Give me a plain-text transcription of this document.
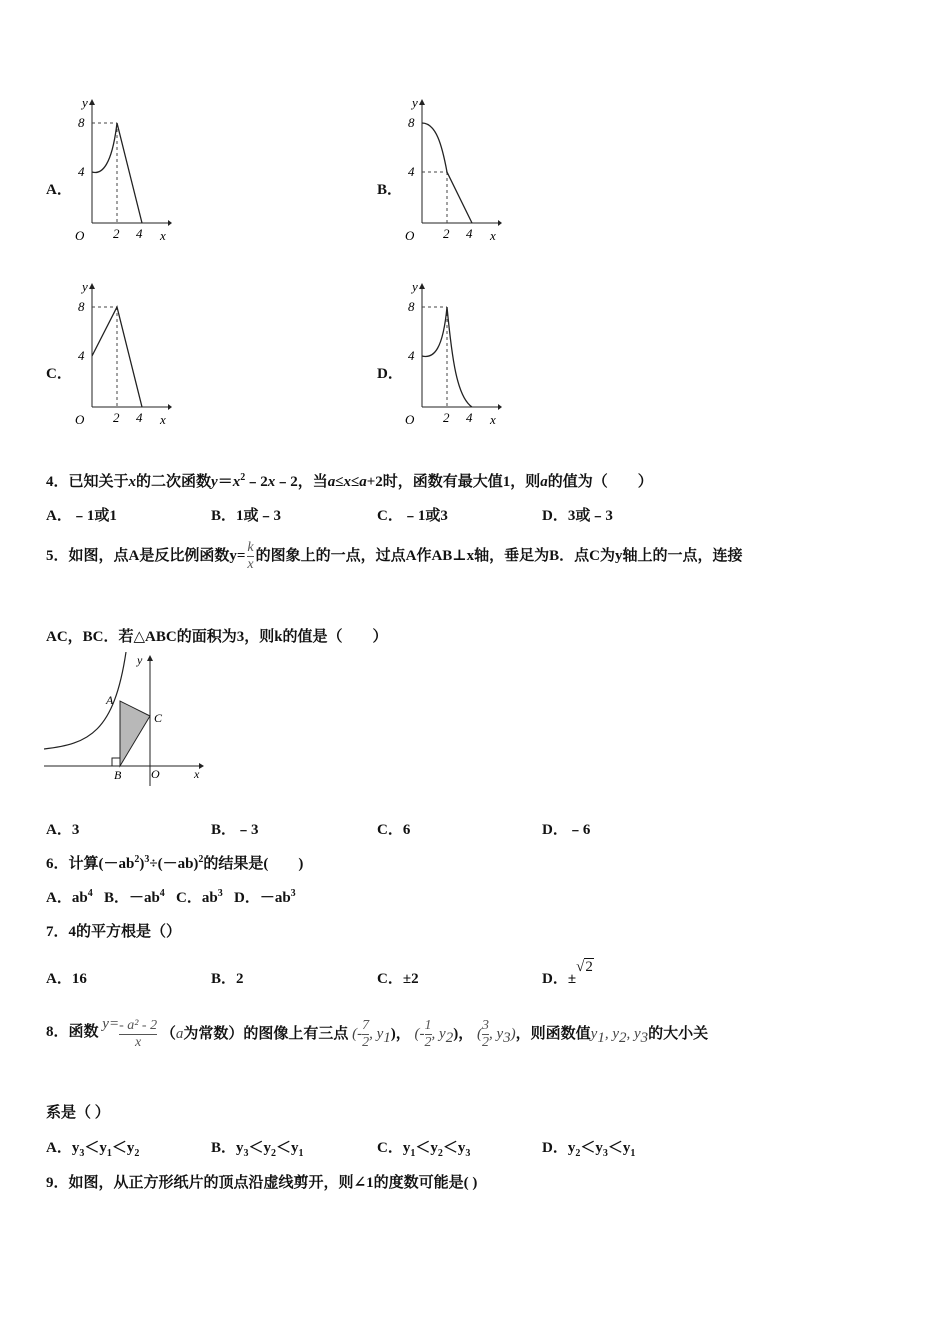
A．
y
x
O
8
4
2 4
B．
y
x
O
8
4
2 4
C．
y
x
O
8
4
2 4
D．
y
x
O
8
4
2 4
4．已知关于x的二次函数$y=x^2﹣2x﹣2$，当a≤x≤a+2时，函数有最大值1，则a的值为（　　）
A．﹣1或1	B．1或﹣3	C．﹣1或3	D．3或﹣3
5．如图，点A是反比例函数$y= \frac{k}{x}$ 的图象上的一点，过点A作AB⊥x轴，垂足为B．点C为y轴上的一点，连接
AC，BC．若△ABC的面积为3，则k的值是（　　）
A
B
C
O
y
x
A．3	B．﹣3	C．6	D．﹣6
6．计算$(-ab^2)^3\div(-ab)^2$的结果是(　　)
A．$ab^4$ B．$-ab^4$ C．$ab^3$ D．$-ab^3$
7．4的平方根是（）
A．16	B．2	C．±2	D．±√2
8．函数 $y= \frac{\text{- a² - 2}}{x} (a$为常数）的图像上有三点 (- $\frac{7}{2}$ , y1)， (- $\frac{1}{2}$ , y2)， ( $\frac{3}{2}$ , y3)，则函数值y1, y2, y3的大小关
系是（ ）
A．$y_3<y_1<y_2$	B．$y_3<y_2<y_1$	C．$y_1<y_2<y_3$	D．$y_2<y_3<y_1$
9．如图，从正方形纸片的顶点沿虚线剪开，则∠1的度数可能是( )
